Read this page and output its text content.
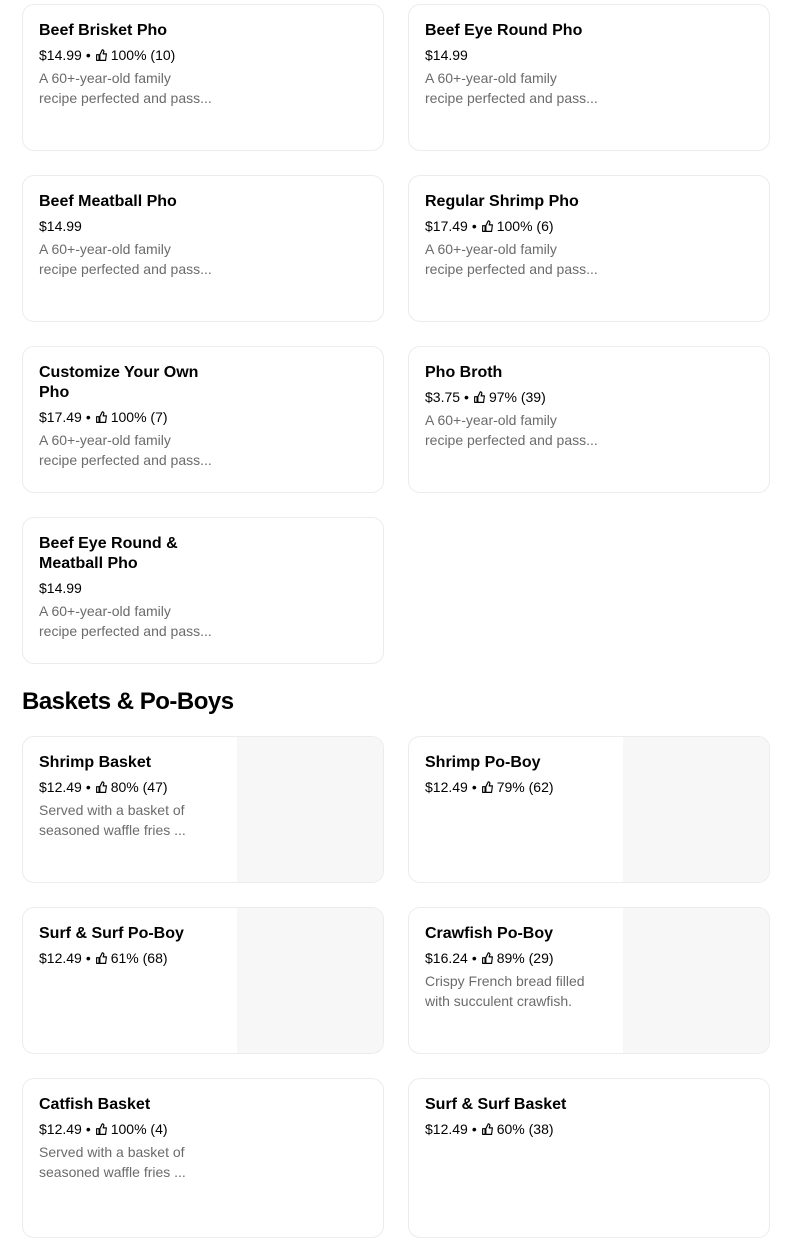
Beef Brisket Pho

$14.99 • 100% (10)
A 60+-year-old family
recipe perfected and pass...

Beef Eye Round Pho

$14.99
A 60+-year-old family
recipe perfected and pass...

Beef Meatball Pho

$14.99
A 60+-year-old family
recipe perfected and pass...

Regular Shrimp Pho

$17.49 • 100% (6)
A 60+-year-old family
recipe perfected and pass...

Customize Your Own Pho

$17.49 • 100% (7)
A 60+-year-old family
recipe perfected and pass...

Pho Broth

$3.75 • 97% (39)
A 60+-year-old family
recipe perfected and pass...

Beef Eye Round & Meatball Pho

$14.99
A 60+-year-old family
recipe perfected and pass...
Baskets & Po-Boys

Shrimp Basket

$12.49 • 80% (47)
Served with a basket of
seasoned waffle fries ...

Shrimp Po-Boy

$12.49 • 79% (62)

Surf & Surf Po-Boy

$12.49 • 61% (68)

Crawfish Po-Boy

$16.24 • 89% (29)
Crispy French bread filled
with succulent crawfish.

Catfish Basket

$12.49 • 100% (4)
Served with a basket of
seasoned waffle fries ...

Surf & Surf Basket

$12.49 • 60% (38)
